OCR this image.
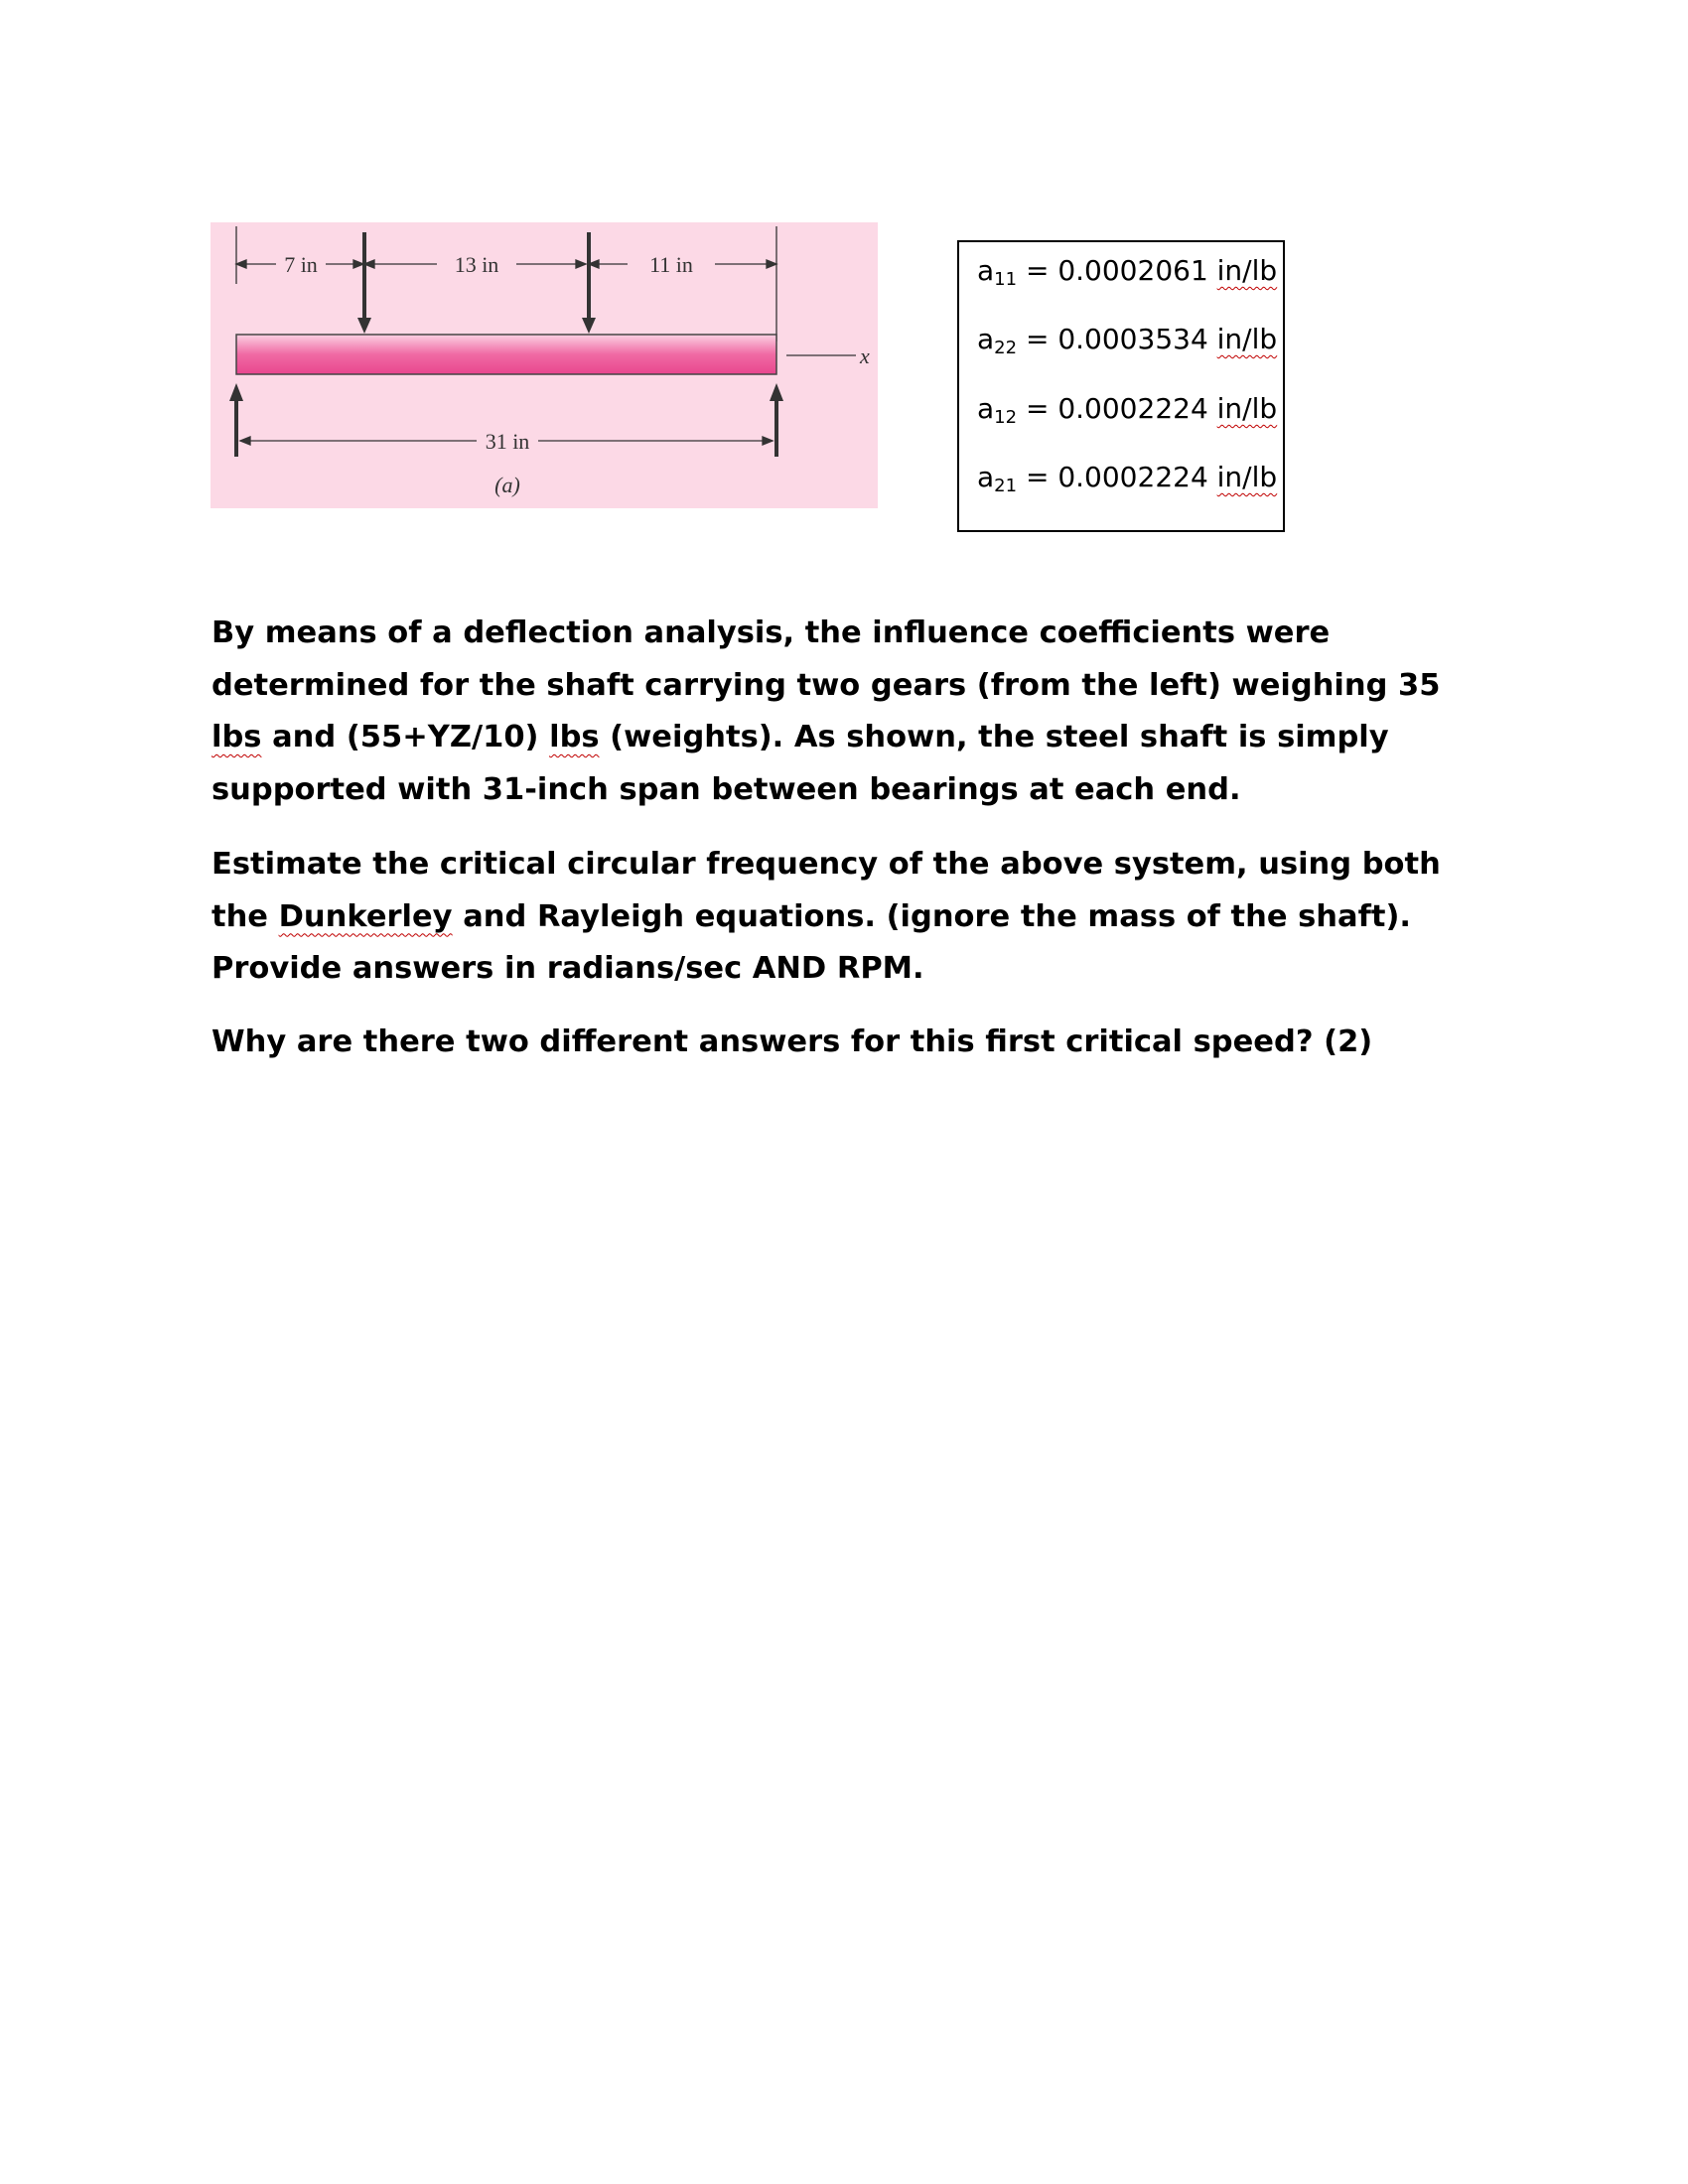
7 in	13 in	11 in
x
31 in
(a)
$a_{11} = 0.0002061$ in/lb
$a_{22} = 0.0003534$ in/lb
$a_{12} = 0.0002224$ in/lb
$a_{21} = 0.0002224$ in/lb

By means of a deflection analysis, the influence coefficients were determined for the shaft carrying two gears (from the left) weighing 35 lbs and (55+YZ/10) lbs (weights). As shown, the steel shaft is simply supported with 31-inch span between bearings at each end.

Estimate the critical circular frequency of the above system, using both the Dunkerley and Rayleigh equations. (ignore the mass of the shaft). Provide answers in radians/sec AND RPM.

Why are there two different answers for this first critical speed? (2)
